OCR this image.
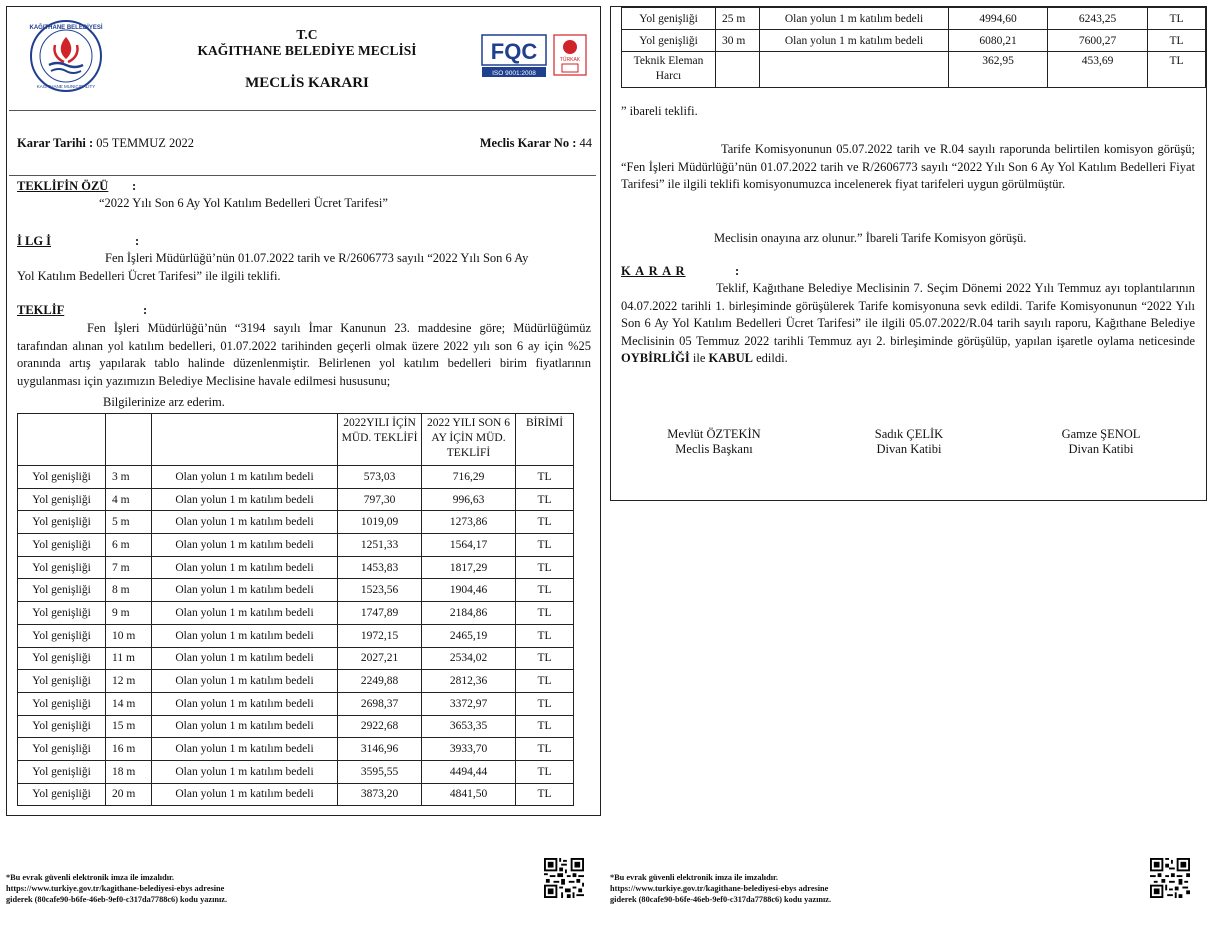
KAĞITHANE BELEDİYESİ
KAĞITHANE MUNICIPALITY
T.C
KAĞITHANE BELEDİYE MECLİSİ
MECLİS KARARI
FQC
ISO 9001:2008
TÜRKAK
Karar Tarihi : 05 TEMMUZ 2022	Meclis Karar No : 44
TEKLİFİN ÖZÜ :
“2022 Yılı Son 6 Ay Yol Katılım Bedelleri Ücret Tarifesi”
İ LG İ	:
Fen İşleri Müdürlüğü’nün 01.07.2022 tarih ve R/2606773 sayılı “2022 Yılı Son 6 Ay
Yol Katılım Bedelleri Ücret Tarifesi” ile ilgili teklifi.
TEKLİF	:
Fen İşleri Müdürlüğü’nün “3194 sayılı İmar Kanunun 23. maddesine göre; Müdürlüğümüz tarafından alınan yol katılım bedelleri, 01.07.2022 tarihinden geçerli olmak üzere 2022 yılı son 6 ay için %25 oranında artış yapılarak tablo halinde düzenlenmiştir. Belirlenen yol katılım bedelleri birim fiyatlarının uygulanması için yazımızın Belediye Meclisine havale edilmesi hususunu;
Bilgilerinize arz ederim.
			2022YILI İÇİN MÜD. TEKLİFİ	2022 YILI SON 6 AY İÇİN MÜD. TEKLİFİ	BİRİMİ
Yol genişliği	3 m	Olan yolun 1 m katılım bedeli	573,03	716,29	TL
Yol genişliği	4 m	Olan yolun 1 m katılım bedeli	797,30	996,63	TL
Yol genişliği	5 m	Olan yolun 1 m katılım bedeli	1019,09	1273,86	TL
Yol genişliği	6 m	Olan yolun 1 m katılım bedeli	1251,33	1564,17	TL
Yol genişliği	7 m	Olan yolun 1 m katılım bedeli	1453,83	1817,29	TL
Yol genişliği	8 m	Olan yolun 1 m katılım bedeli	1523,56	1904,46	TL
Yol genişliği	9 m	Olan yolun 1 m katılım bedeli	1747,89	2184,86	TL
Yol genişliği	10 m	Olan yolun 1 m katılım bedeli	1972,15	2465,19	TL
Yol genişliği	11 m	Olan yolun 1 m katılım bedeli	2027,21	2534,02	TL
Yol genişliği	12 m	Olan yolun 1 m katılım bedeli	2249,88	2812,36	TL
Yol genişliği	14 m	Olan yolun 1 m katılım bedeli	2698,37	3372,97	TL
Yol genişliği	15 m	Olan yolun 1 m katılım bedeli	2922,68	3653,35	TL
Yol genişliği	16 m	Olan yolun 1 m katılım bedeli	3146,96	3933,70	TL
Yol genişliği	18 m	Olan yolun 1 m katılım bedeli	3595,55	4494,44	TL
Yol genişliği	20 m	Olan yolun 1 m katılım bedeli	3873,20	4841,50	TL
Yol genişliği	25 m	Olan yolun 1 m katılım bedeli	4994,60	6243,25	TL
Yol genişliği	30 m	Olan yolun 1 m katılım bedeli	6080,21	7600,27	TL
Teknik Eleman Harcı			362,95	453,69	TL
” ibareli teklifi.
Tarife Komisyonunun 05.07.2022 tarih ve R.04 sayılı raporunda belirtilen komisyon görüşü; “Fen İşleri Müdürlüğü’nün 01.07.2022 tarih ve R/2606773 sayılı “2022 Yılı Son 6 Ay Yol Katılım Bedelleri Fiyat Tarifesi” ile ilgili teklifi komisyonumuzca incelenerek fiyat tarifeleri uygun görülmüştür.
Meclisin onayına arz olunur.” İbareli Tarife Komisyon görüşü.
K A R A R	:
Teklif, Kağıthane Belediye Meclisinin 7. Seçim Dönemi 2022 Yılı Temmuz ayı toplantılarının 04.07.2022 tarihli 1. birleşiminde görüşülerek Tarife komisyonuna sevk edildi. Tarife Komisyonunun “2022 Yılı Son 6 Ay Yol Katılım Bedelleri Ücret Tarifesi” ile ilgili 05.07.2022/R.04 tarih sayılı raporu, Kağıthane Belediye Meclisinin 05 Temmuz 2022 tarihli Temmuz ayı 2. birleşiminde görüşülüp, yapılan işaretle oylama neticesinde OYBİRLİĞİ ile KABUL edildi.
Mevlüt ÖZTEKİN
Meclis Başkanı
Sadık ÇELİK
Divan Katibi
Gamze ŞENOL
Divan Katibi
*Bu evrak güvenli elektronik imza ile imzalıdır.
https://www.turkiye.gov.tr/kagithane-belediyesi-ebys adresine
giderek (80cafe90-b6fe-46eb-9ef0-c317da7788c6) kodu yazınız.
*Bu evrak güvenli elektronik imza ile imzalıdır.
https://www.turkiye.gov.tr/kagithane-belediyesi-ebys adresine
giderek (80cafe90-b6fe-46eb-9ef0-c317da7788c6) kodu yazınız.
